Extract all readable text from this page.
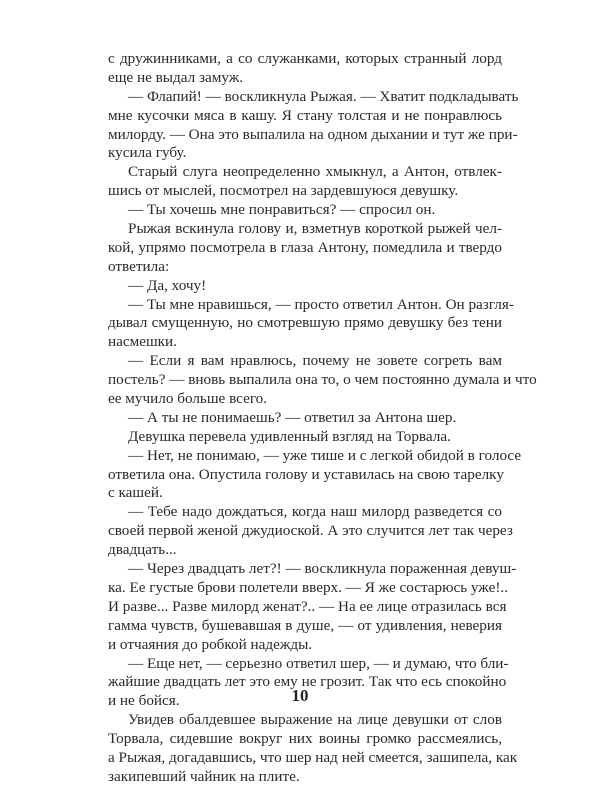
с дружинниками, а со служанками, которых странный лорд
еще не выдал замуж.
— Флапий! — воскликнула Рыжая. — Хватит подкладывать
мне кусочки мяса в кашу. Я стану толстая и не понравлюсь
милорду. — Она это выпалила на одном дыхании и тут же при-
кусила губу.
Старый слуга неопределенно хмыкнул, а Антон, отвлек-
шись от мыслей, посмотрел на зардевшуюся девушку.
— Ты хочешь мне понравиться? — спросил он.
Рыжая вскинула голову и, взметнув короткой рыжей чел-
кой, упрямо посмотрела в глаза Антону, помедлила и твердо
ответила:
— Да, хочу!
— Ты мне нравишься, — просто ответил Антон. Он разгля-
дывал смущенную, но смотревшую прямо девушку без тени
насмешки.
— Если я вам нравлюсь, почему не зовете согреть вам
постель? — вновь выпалила она то, о чем постоянно думала и что
ее мучило больше всего.
— А ты не понимаешь? — ответил за Антона шер.
Девушка перевела удивленный взгляд на Торвала.
— Нет, не понимаю, — уже тише и с легкой обидой в голосе
ответила она. Опустила голову и уставилась на свою тарелку
с кашей.
— Тебе надо дождаться, когда наш милорд разведется со
своей первой женой джудиоской. А это случится лет так через
двадцать...
— Через двадцать лет?! — воскликнула пораженная девуш-
ка. Ее густые брови полетели вверх. — Я же состарюсь уже!..
И разве... Разве милорд женат?.. — На ее лице отразилась вся
гамма чувств, бушевавшая в душе, — от удивления, неверия
и отчаяния до робкой надежды.
— Еще нет, — серьезно ответил шер, — и думаю, что бли-
жайшие двадцать лет это ему не грозит. Так что есь спокойно
и не бойся.
Увидев обалдевшее выражение на лице девушки от слов
Торвала, сидевшие вокруг них воины громко рассмеялись,
а Рыжая, догадавшись, что шер над ней смеется, зашипела, как
закипевший чайник на плите.
10
